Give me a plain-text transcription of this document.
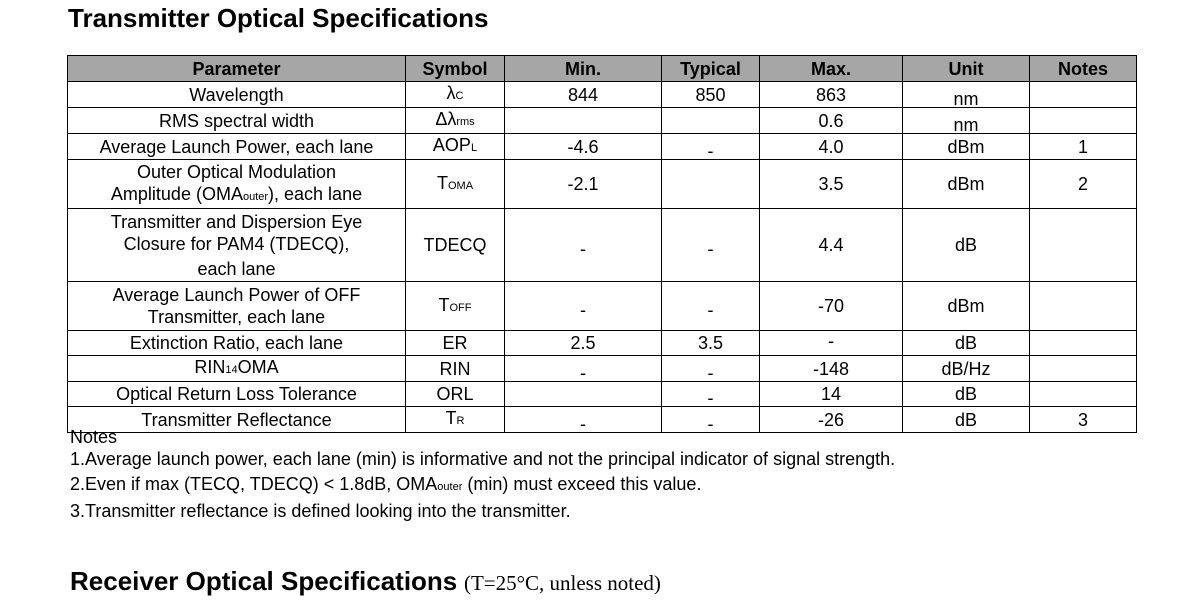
Transmitter Optical Specifications
Parameter	Symbol	Min.	Typical	Max.	Unit	Notes
Wavelength	λC	844	850	863	nm	
RMS spectral width	Δλrms			0.6	nm	
Average Launch Power, each lane	AOPL	-4.6	-	4.0	dBm	1

Outer Optical Modulation
Amplitude (OMAouter), each lane	TOMA	-2.1		3.5	dBm	2

Transmitter and Dispersion Eye
Closure for PAM4 (TDECQ),
each lane	TDECQ	-	-	4.4	dB	

Average Launch Power of OFF
Transmitter, each lane	TOFF	-	-	-70	dBm	
Extinction Ratio, each lane	ER	2.5	3.5	-	dB	
RIN14OMA	RIN	-	-	-148	dB/Hz	
Optical Return Loss Tolerance	ORL		-	14	dB	
Transmitter Reflectance	TR	-	-	-26	dB	3
Notes
1.Average launch power, each lane (min) is informative and not the principal indicator of signal strength.
2.Even if max (TECQ, TDECQ) < 1.8dB, OMAouter (min) must exceed this value.
3.Transmitter reflectance is defined looking into the transmitter.
Receiver Optical Specifications (T=25°C, unless noted)
